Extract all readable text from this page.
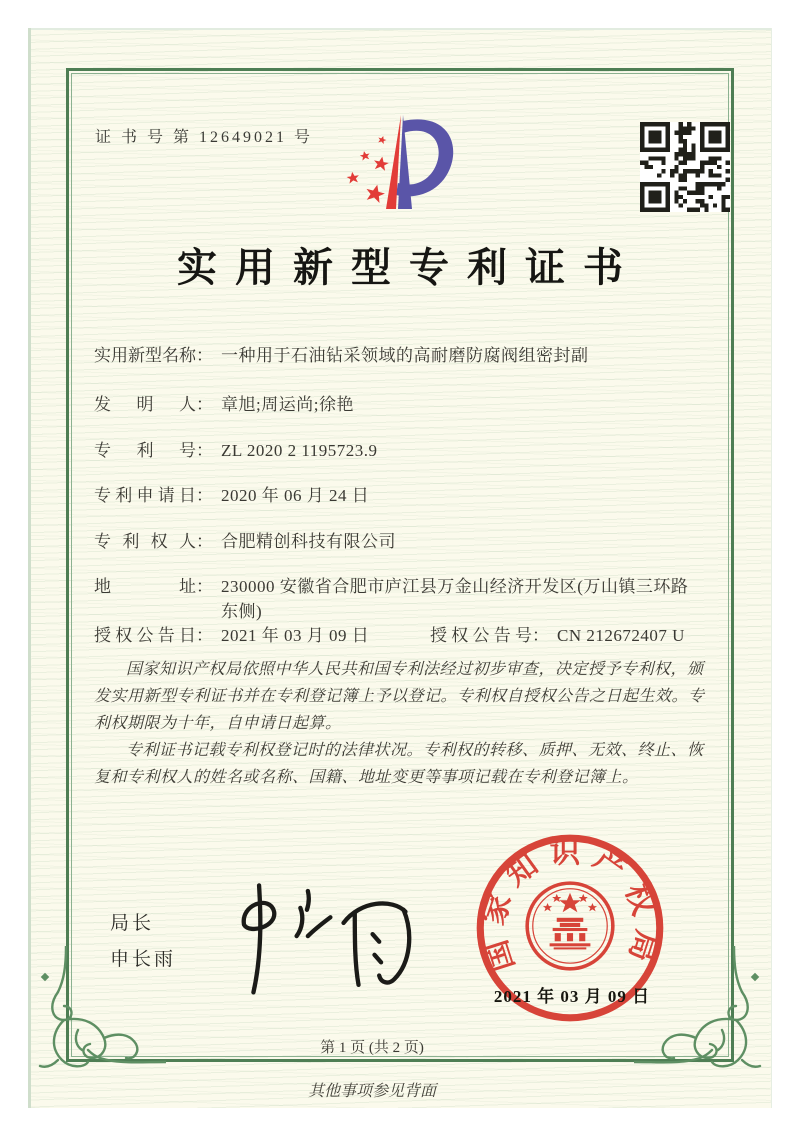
证 书 号 第 12649021 号
实用新型专利证书
实用新型名称 ： 一种用于石油钻采领域的高耐磨防腐阀组密封副
发明人 ： 章旭;周运尚;徐艳
专利号 ： ZL 2020 2 1195723.9
专利申请日 ： 2020 年 06 月 24 日
专利权人 ： 合肥精创科技有限公司
地址 ： 230000 安徽省合肥市庐江县万金山经济开发区(万山镇三环路东侧)
授权公告日 ： 2021 年 03 月 09 日	授权公告号 ： CN 212672407 U

国家知识产权局依照中华人民共和国专利法经过初步审查，决定授予专利权，颁发实用新型专利证书并在专利登记簿上予以登记。专利权自授权公告之日起生效。专利权期限为十年，自申请日起算。

专利证书记载专利权登记时的法律状况。专利权的转移、质押、无效、终止、恢复和专利权人的姓名或名称、国籍、地址变更等事项记载在专利登记簿上。

局长
申长雨	国家知识产权局
2021 年 03 月 09 日
第 1 页 (共 2 页)
其他事项参见背面
